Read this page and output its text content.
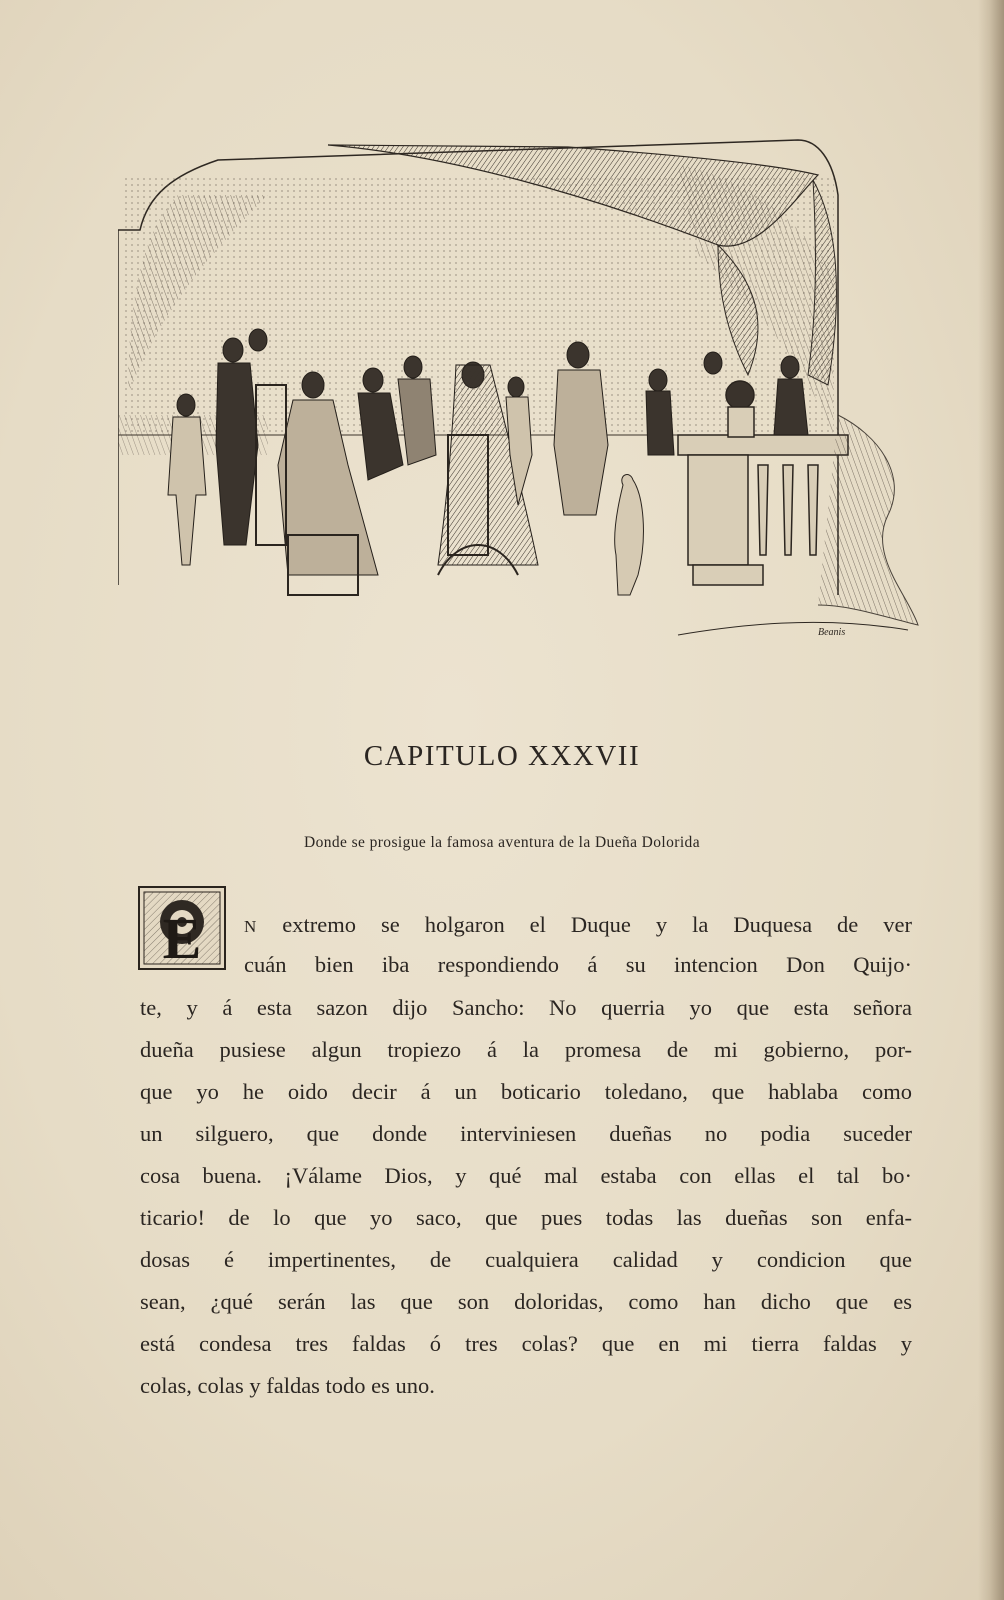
Beanis
CAPITULO XXXVII
Donde se prosigue la famosa aventura de la Dueña Dolorida
E	N extremo se holgaron el Duque y la Duquesa de ver
cuán bien iba respondiendo á su intencion Don Quijo·
te, y á esta sazon dijo Sancho: No querria yo que esta señora
dueña pusiese algun tropiezo á la promesa de mi gobierno, por-
que yo he oido decir á un boticario toledano, que hablaba como
un silguero, que donde interviniesen dueñas no podia suceder
cosa buena. ¡Válame Dios, y qué mal estaba con ellas el tal bo·
ticario! de lo que yo saco, que pues todas las dueñas son enfa-
dosas é impertinentes, de cualquiera calidad y condicion que
sean, ¿qué serán las que son doloridas, como han dicho que es
está condesa tres faldas ó tres colas? que en mi tierra faldas y
colas, colas y faldas todo es uno.
